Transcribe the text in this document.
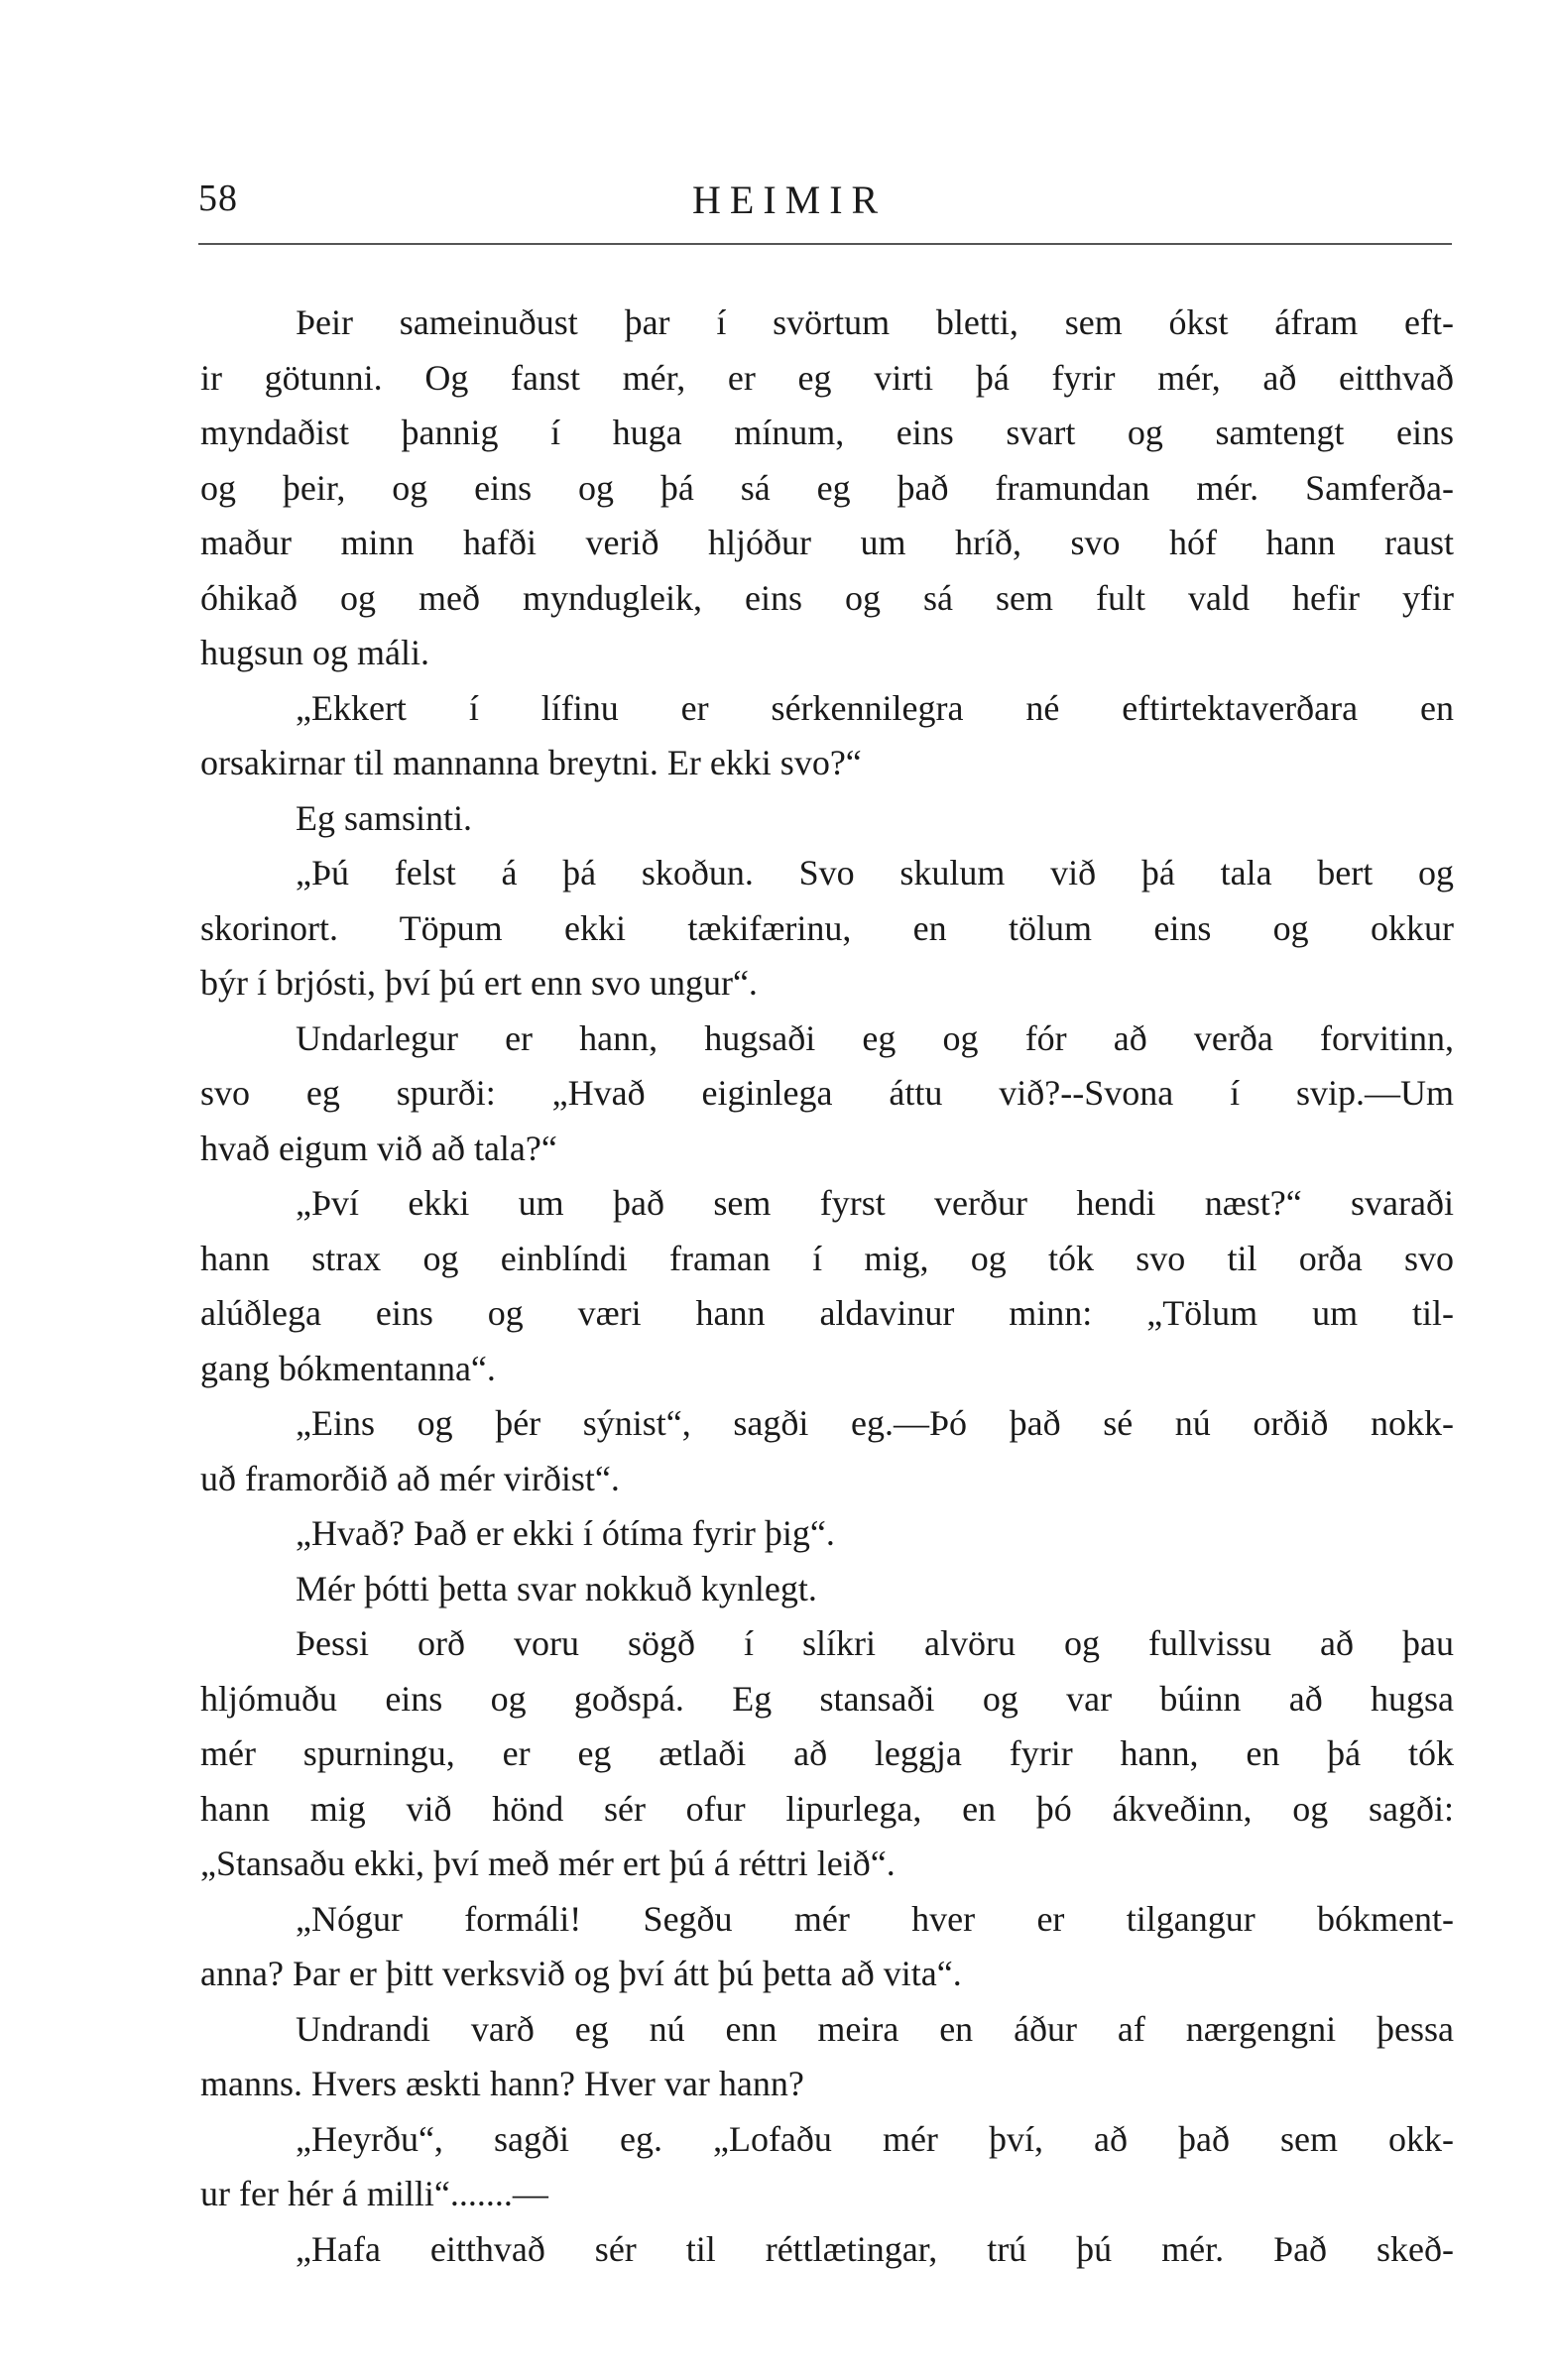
58	HEIMIR
Þeir sameinuðust þar í svörtum bletti, sem ókst áfram eft-
ir götunni. Og fanst mér, er eg virti þá fyrir mér, að eitthvað
myndaðist þannig í huga mínum, eins svart og samtengt eins
og þeir, og eins og þá sá eg það framundan mér. Samferða-
maður minn hafði verið hljóður um hríð, svo hóf hann raust
óhikað og með myndugleik, eins og sá sem fult vald hefir yfir
hugsun og máli.
„Ekkert í lífinu er sérkennilegra né eftirtektaverðara en
orsakirnar til mannanna breytni. Er ekki svo?“
Eg samsinti.
„Þú felst á þá skoðun. Svo skulum við þá tala bert og
skorinort. Töpum ekki tækifærinu, en tölum eins og okkur
býr í brjósti, því þú ert enn svo ungur“.
Undarlegur er hann, hugsaði eg og fór að verða forvitinn,
svo eg spurði: „Hvað eiginlega áttu við?--Svona í svip.—Um
hvað eigum við að tala?“
„Því ekki um það sem fyrst verður hendi næst?“ svaraði
hann strax og einblíndi framan í mig, og tók svo til orða svo
alúðlega eins og væri hann aldavinur minn: „Tölum um til-
gang bókmentanna“.
„Eins og þér sýnist“, sagði eg.—Þó það sé nú orðið nokk-
uð framorðið að mér virðist“.
„Hvað? Það er ekki í ótíma fyrir þig“.
Mér þótti þetta svar nokkuð kynlegt.
Þessi orð voru sögð í slíkri alvöru og fullvissu að þau
hljómuðu eins og goðspá. Eg stansaði og var búinn að hugsa
mér spurningu, er eg ætlaði að leggja fyrir hann, en þá tók
hann mig við hönd sér ofur lipurlega, en þó ákveðinn, og sagði:
„Stansaðu ekki, því með mér ert þú á réttri leið“.
„Nógur formáli! Segðu mér hver er tilgangur bókment-
anna? Þar er þitt verksvið og því átt þú þetta að vita“.
Undrandi varð eg nú enn meira en áður af nærgengni þessa
manns. Hvers æskti hann? Hver var hann?
„Heyrðu“, sagði eg. „Lofaðu mér því, að það sem okk-
ur fer hér á milli“.......—
„Hafa eitthvað sér til réttlætingar, trú þú mér. Það skeð-
